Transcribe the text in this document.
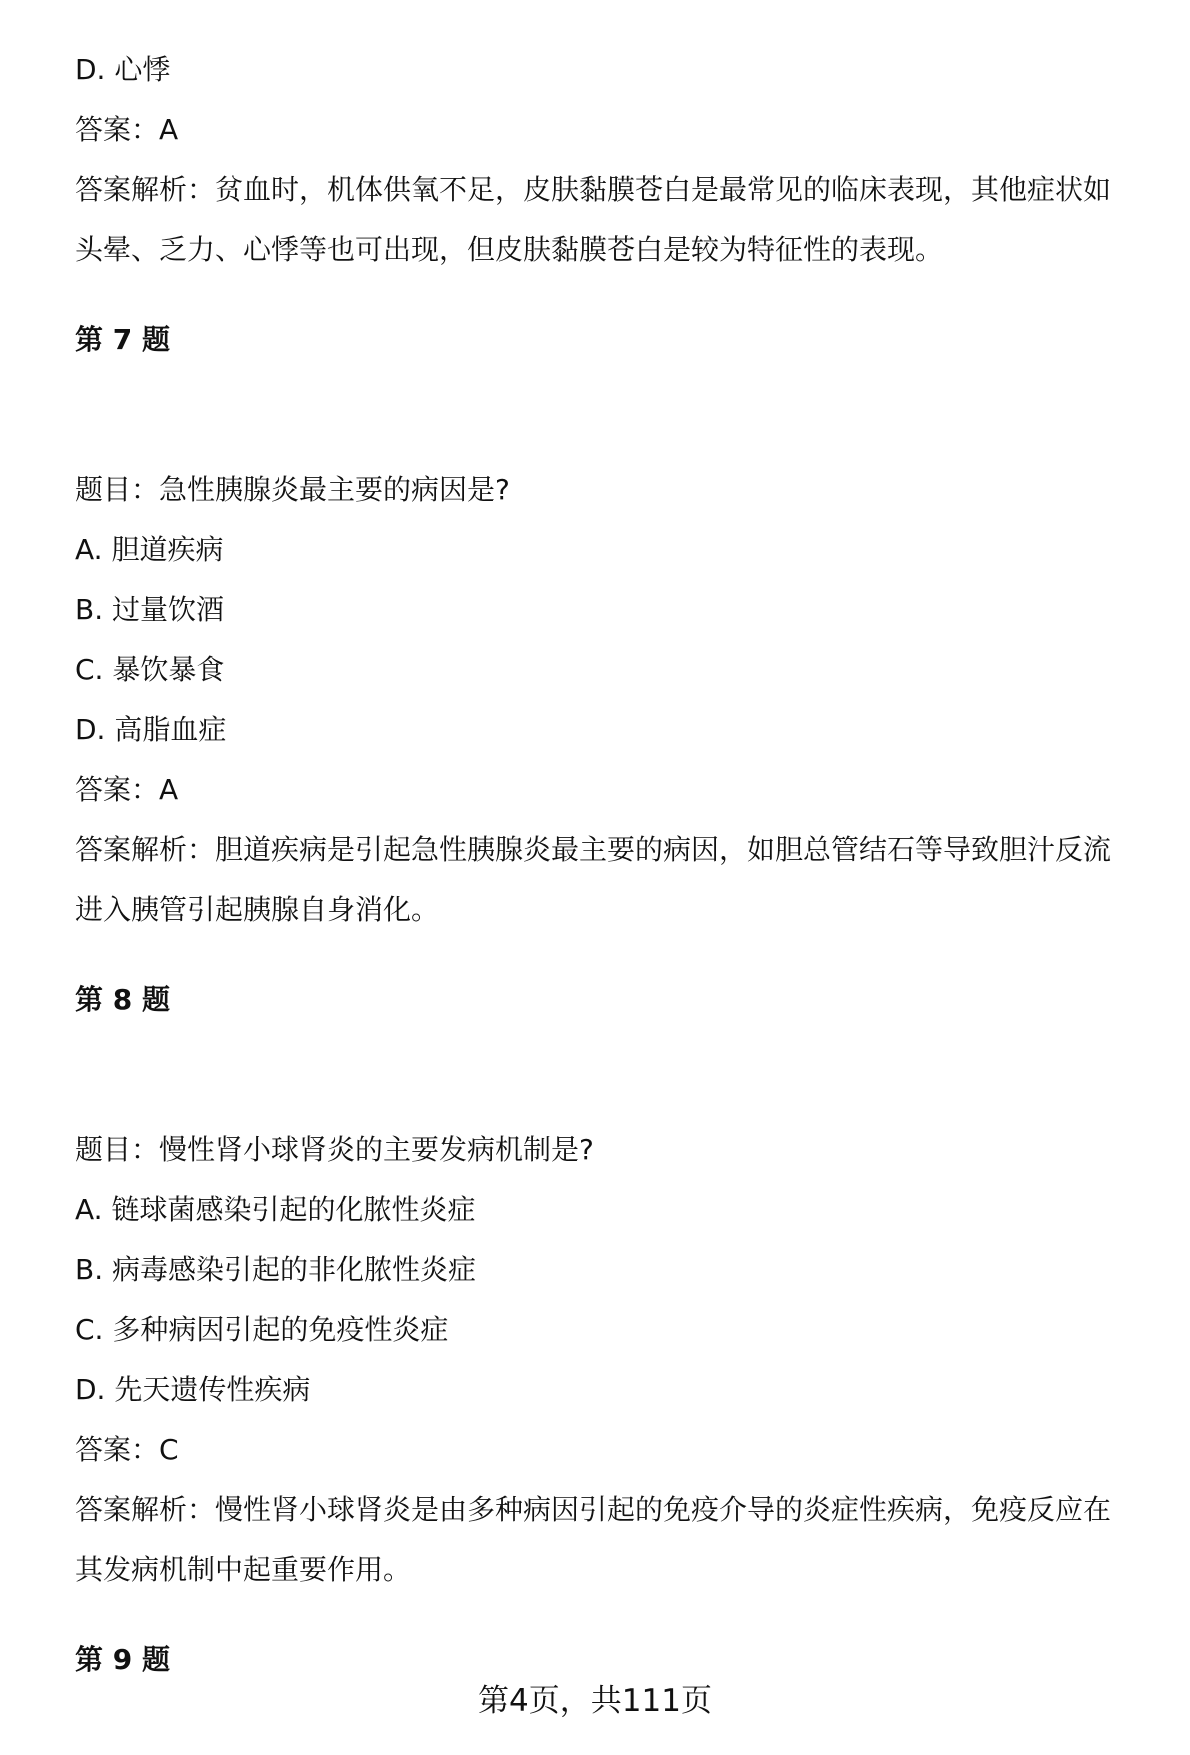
D. 心悸
答案：A
答案解析：贫血时，机体供氧不足，皮肤黏膜苍白是最常见的临床表现，其他症状如头晕、乏力、心悸等也可出现，但皮肤黏膜苍白是较为特征性的表现。
第 7 题
题目：急性胰腺炎最主要的病因是?
A. 胆道疾病
B. 过量饮酒
C. 暴饮暴食
D. 高脂血症
答案：A
答案解析：胆道疾病是引起急性胰腺炎最主要的病因，如胆总管结石等导致胆汁反流进入胰管引起胰腺自身消化。
第 8 题
题目：慢性肾小球肾炎的主要发病机制是?
A. 链球菌感染引起的化脓性炎症
B. 病毒感染引起的非化脓性炎症
C. 多种病因引起的免疫性炎症
D. 先天遗传性疾病
答案：C
答案解析：慢性肾小球肾炎是由多种病因引起的免疫介导的炎症性疾病，免疫反应在其发病机制中起重要作用。
第 9 题
第4页，共111页
